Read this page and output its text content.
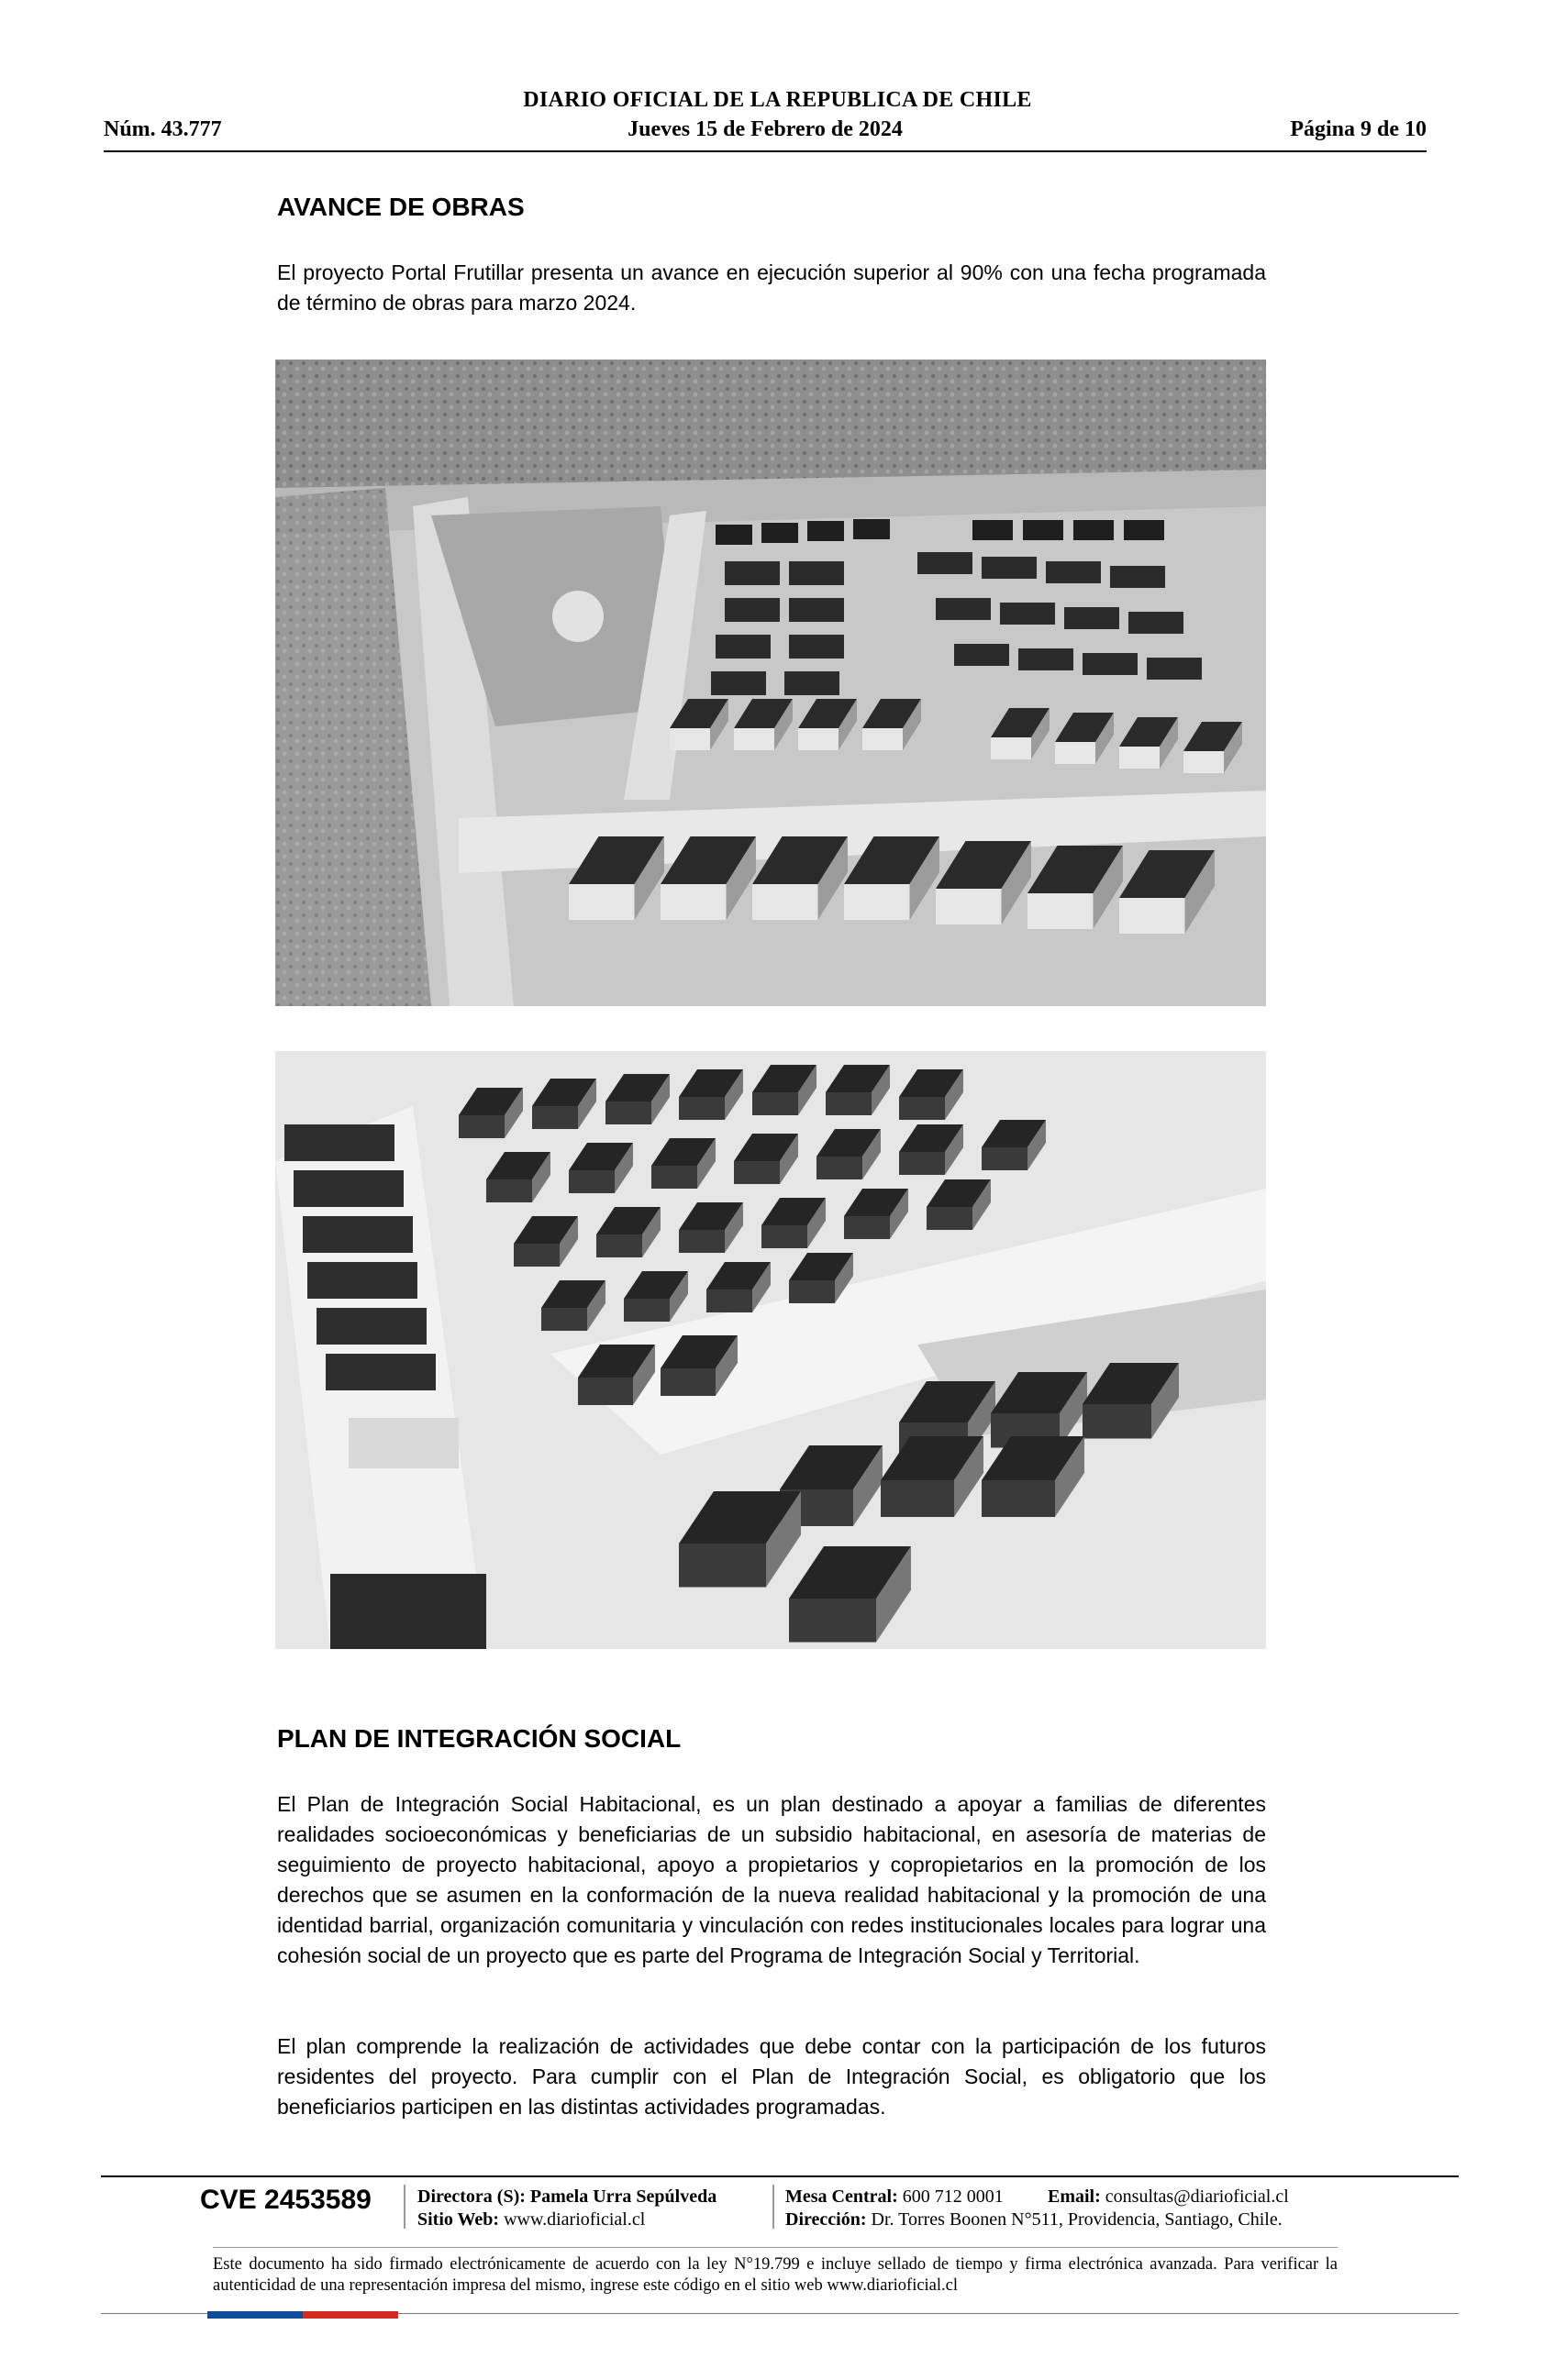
DIARIO OFICIAL DE LA REPUBLICA DE CHILE
Núm. 43.777	Jueves 15 de Febrero de 2024	Página 9 de 10
AVANCE DE OBRAS

El proyecto Portal Frutillar presenta un avance en ejecución superior al 90% con una fecha programada de término de obras para marzo 2024.

PLAN DE INTEGRACIÓN SOCIAL

El Plan de Integración Social Habitacional, es un plan destinado a apoyar a familias de diferentes realidades socioeconómicas y beneficiarias de un subsidio habitacional, en asesoría de materias de seguimiento de proyecto habitacional, apoyo a propietarios y copropietarios en la promoción de los derechos que se asumen en la conformación de la nueva realidad habitacional y la promoción de una identidad barrial, organización comunitaria y vinculación con redes institucionales locales para lograr una cohesión social de un proyecto que es parte del Programa de Integración Social y Territorial.

El plan comprende la realización de actividades que debe contar con la participación de los futuros residentes del proyecto. Para cumplir con el Plan de Integración Social, es obligatorio que los beneficiarios participen en las distintas actividades programadas.

CVE 2453589	Directora (S): Pamela Urra Sepúlveda
Sitio Web: www.diarioficial.cl
Mesa Central: 600 712 0001 Email: consultas@diarioficial.cl
Dirección: Dr. Torres Boonen N°511, Providencia, Santiago, Chile.
Este documento ha sido firmado electrónicamente de acuerdo con la ley N°19.799 e incluye sellado de tiempo y firma electrónica avanzada. Para verificar la autenticidad de una representación impresa del mismo, ingrese este código en el sitio web www.diarioficial.cl
